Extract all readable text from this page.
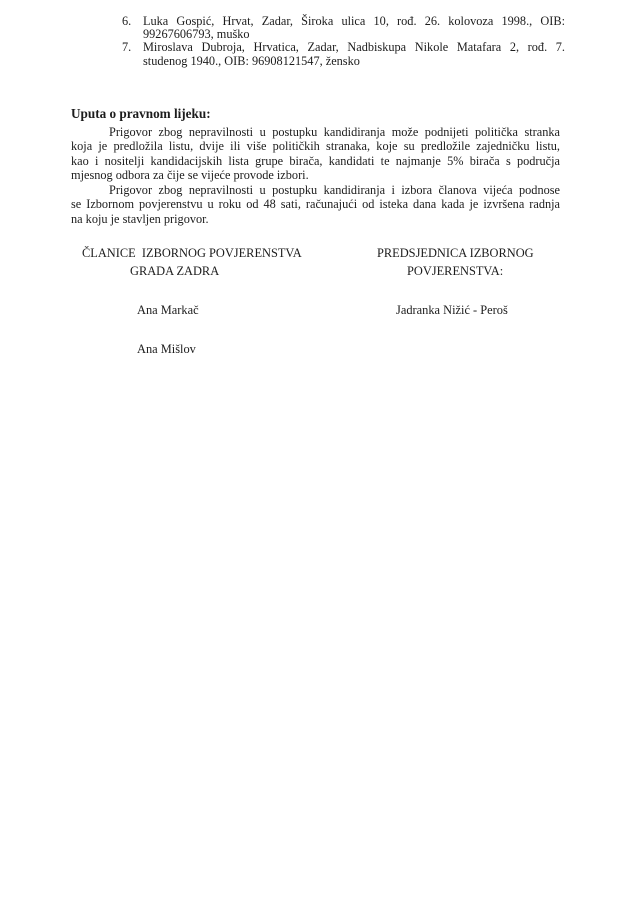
6. Luka Gospić, Hrvat, Zadar, Široka ulica 10, rođ. 26. kolovoza 1998., OIB:
99267606793, muško
7. Miroslava Dubroja, Hrvatica, Zadar, Nadbiskupa Nikole Matafara 2, rođ. 7.
studenog 1940., OIB: 96908121547, žensko
Uputa o pravnom lijeku:
Prigovor zbog nepravilnosti u postupku kandidiranja može podnijeti politička stranka
koja je predložila listu, dvije ili više političkih stranaka, koje su predložile zajedničku listu,
kao i nositelji kandidacijskih lista grupe birača, kandidati te najmanje 5% birača s područja
mjesnog odbora za čije se vijeće provode izbori.
Prigovor zbog nepravilnosti u postupku kandidiranja i izbora članova vijeća podnose
se Izbornom povjerenstvu u roku od 48 sati, računajući od isteka dana kada je izvršena radnja
na koju je stavljen prigovor.
ČLANICE  IZBORNOG POVJERENSTVA
GRADA ZADRA
PREDSJEDNICA IZBORNOG
POVJERENSTVA:
Ana Markač	Jadranka Nižić - Peroš
Ana Mišlov
